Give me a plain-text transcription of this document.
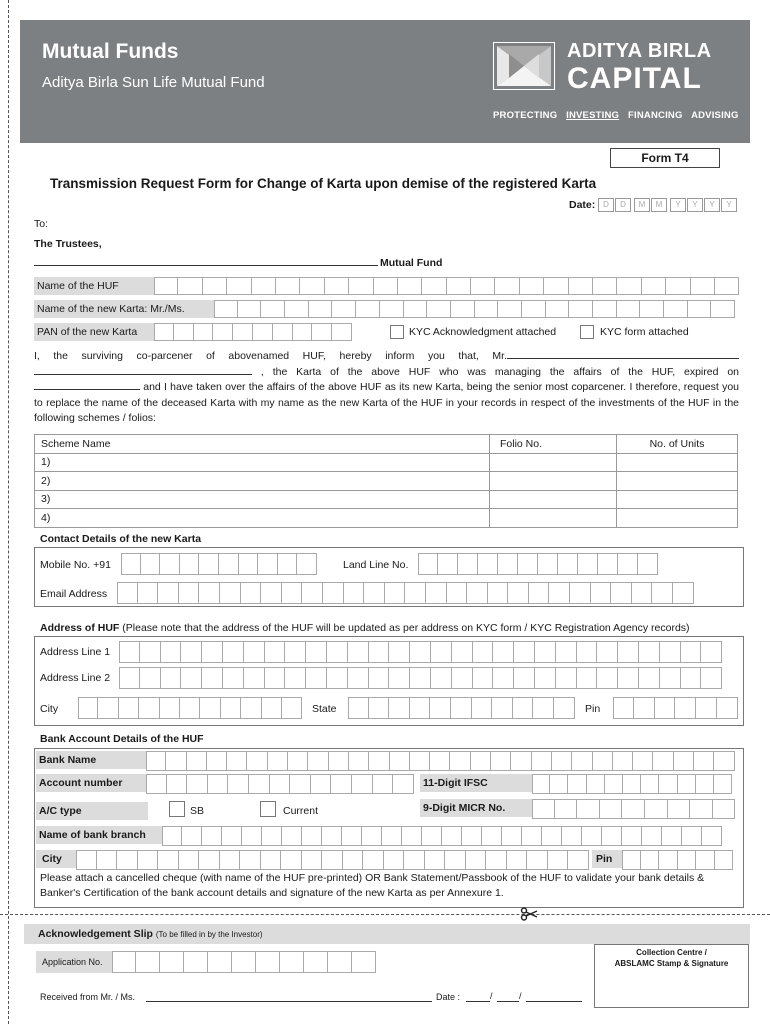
Mutual Funds
Aditya Birla Sun Life Mutual Fund
ADITYA BIRLA
CAPITAL
PROTECTING INVESTING FINANCING ADVISING
Form T4
Transmission Request Form for Change of Karta upon demise of the registered Karta
Date: D	D	M	M	Y	Y	Y	Y
To:
The Trustees,
Mutual Fund
Name of the HUF
Name of the new Karta: Mr./Ms.
PAN of the new Karta	KYC Acknowledgment attached	KYC form attached
I, the surviving co-parcener of abovenamed HUF, hereby inform you that, Mr.  , the Karta of the above HUF who was managing the affairs of the HUF, expired on  and I have taken over the affairs of the above HUF as its new Karta, being the senior most coparcener. I therefore, request you to replace the name of the deceased Karta with my name as the new Karta of the HUF in your records in respect of the investments of the HUF in the following schemes / folios:
Scheme Name	Folio No.	No. of Units
1)		
2)		
3)		
4)		
Contact Details of the new Karta
Mobile No. +91	Land Line No.
Email Address
Address of HUF (Please note that the address of the HUF will be updated as per address on KYC form / KYC Registration Agency records)
Address Line 1
Address Line 2
City	State	Pin
Bank Account Details of the HUF
Bank Name
Account number	11-Digit IFSC
A/C type	SB	Current	9-Digit MICR No.
Name of bank branch
City	Pin
Please attach a cancelled cheque (with name of the HUF pre-printed) OR Bank Statement/Passbook of the HUF to validate your bank details & Banker's Certification of the bank account details and signature of the new Karta as per Annexure 1.
Acknowledgement Slip (To be filled in by the Investor)
Application No.
Collection Centre /
ABSLAMC Stamp & Signature
Received from Mr. / Ms.	Date :	/	/
